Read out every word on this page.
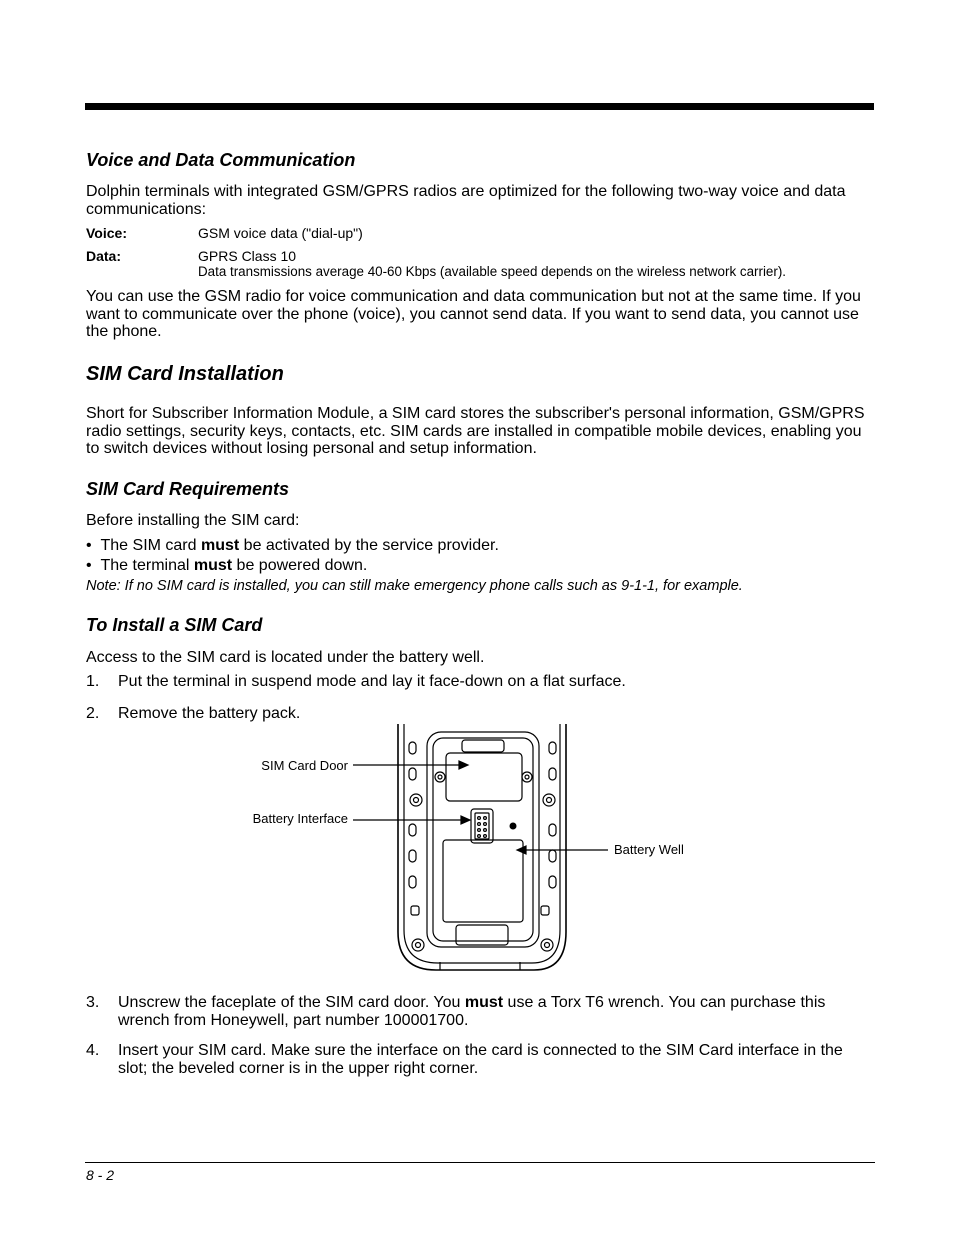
Voice and Data Communication
Dolphin terminals with integrated GSM/GPRS radios are optimized for the following two-way voice and data communications:
Voice:	GSM voice data ("dial-up")
Data:	GPRS Class 10
Data transmissions average 40-60 Kbps (available speed depends on the wireless network carrier).
You can use the GSM radio for voice communication and data communication but not at the same time. If you want to communicate over the phone (voice), you cannot send data. If you want to send data, you cannot use the phone.
SIM Card Installation
Short for Subscriber Information Module, a SIM card stores the subscriber's personal information, GSM/GPRS radio settings, security keys, contacts, etc. SIM cards are installed in compatible mobile devices, enabling you to switch devices without losing personal and setup information.
SIM Card Requirements
Before installing the SIM card:
• The SIM card must be activated by the service provider.
• The terminal must be powered down.
Note: If no SIM card is installed, you can still make emergency phone calls such as 9-1-1, for example.
To Install a SIM Card
Access to the SIM card is located under the battery well.
1. Put the terminal in suspend mode and lay it face-down on a flat surface.
2. Remove the battery pack.
SIM Card Door
Battery Interface
Battery Well
3. Unscrew the faceplate of the SIM card door. You must use a Torx T6 wrench. You can purchase this wrench from Honeywell, part number 100001700.
4. Insert your SIM card. Make sure the interface on the card is connected to the SIM Card interface in the slot; the beveled corner is in the upper right corner.
8 - 2
